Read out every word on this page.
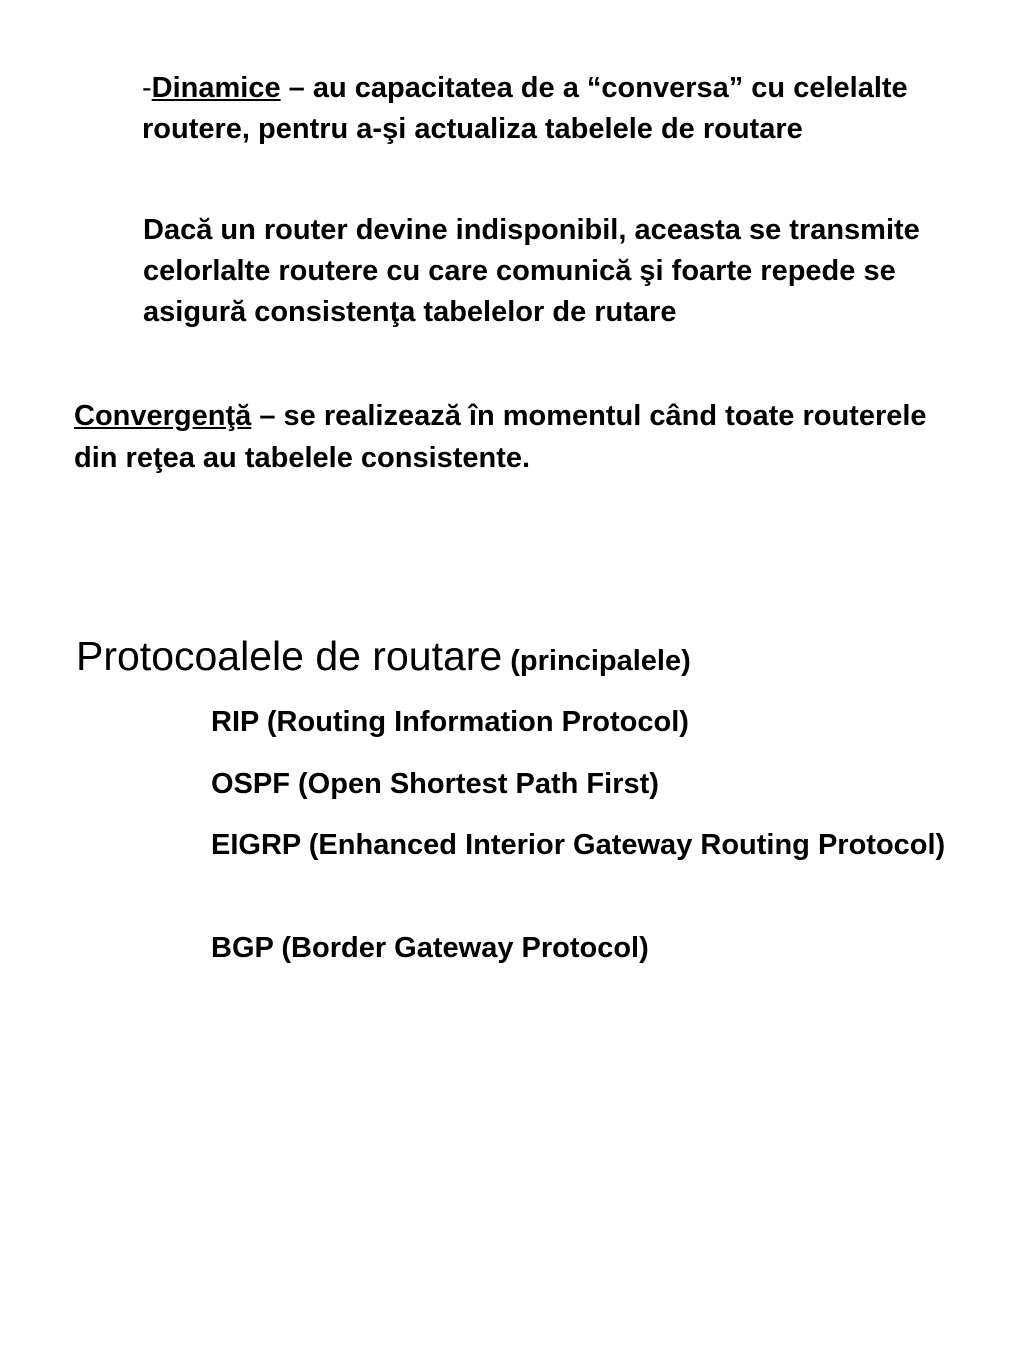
-Dinamice – au capacitatea de a “conversa” cu celelalte routere, pentru a-şi actualiza tabelele de routare

Dacă un router devine indisponibil, aceasta se transmite celorlalte routere cu care comunică şi foarte repede se asigură consistenţa tabelelor de rutare

Convergenţă – se realizează în momentul când toate routerele din reţea au tabelele consistente.

Protocoalele de routare (principalele)
RIP (Routing Information Protocol)
OSPF (Open Shortest Path First)
EIGRP (Enhanced Interior Gateway Routing Protocol)
BGP (Border Gateway Protocol)
